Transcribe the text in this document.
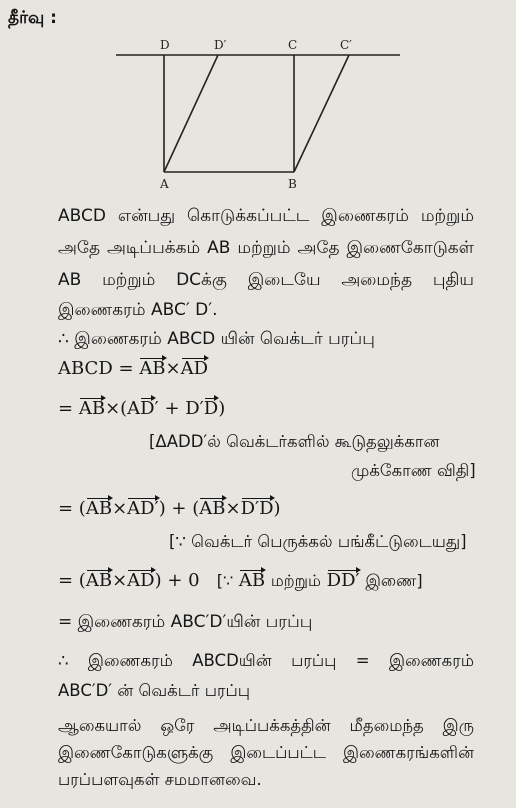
தீர்வு :
D	D′	C	C′
A	B
ABCD என்பது கொடுக்கப்பட்ட இணைகரம் மற்றும்
அதே அடிப்பக்கம் AB மற்றும் அதே இணைகோடுகள்
AB மற்றும் DCக்கு இடையே அமைந்த புதிய
இணைகரம் ABC′ D′.
∴ இணைகரம் ABCD யின் வெக்டர் பரப்பு
ABCD = AB×AD
= AB×(AD′ + D′D)
[ΔADD′ல் வெக்டர்களில் கூடுதலுக்கான
முக்கோண விதி]
= (AB×AD′) + (AB×D′D)
[∵ வெக்டர் பெருக்கல் பங்கீட்டுடையது]
= (AB×AD) + 0 [∵ AB மற்றும் DD′ இணை]
= இணைகரம் ABC′D′யின் பரப்பு
∴ இணைகரம் ABCDயின் பரப்பு = இணைகரம்
ABC′D′ ன் வெக்டர் பரப்பு
ஆகையால் ஒரே அடிப்பக்கத்தின் மீதமைந்த இரு
இணைகோடுகளுக்கு இடைப்பட்ட இணைகரங்களின்
பரப்பளவுகள் சமமானவை.
